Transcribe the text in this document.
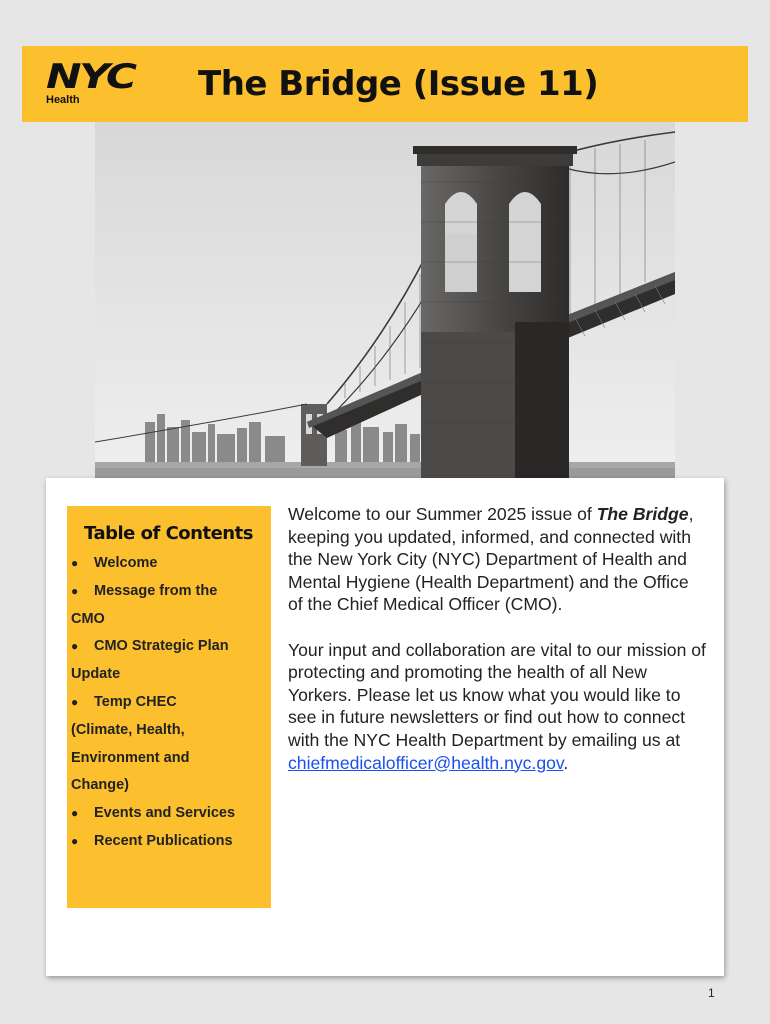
NYC
Health	The Bridge (Issue 11)
Table of Contents
● Welcome
● Message from the
CMO
● CMO Strategic Plan
Update
● Temp CHEC
(Climate, Health,
Environment and
Change)
● Events and Services
● Recent Publications

Welcome to our Summer 2025 issue of The Bridge, keeping you updated, informed, and connected with the New York City (NYC) Department of Health and Mental Hygiene (Health Department) and the Office of the Chief Medical Officer (CMO).

Your input and collaboration are vital to our mission of protecting and promoting the health of all New Yorkers. Please let us know what you would like to see in future newsletters or find out how to connect with the NYC Health Department by emailing us at chiefmedicalofficer@health.nyc.gov.

1
